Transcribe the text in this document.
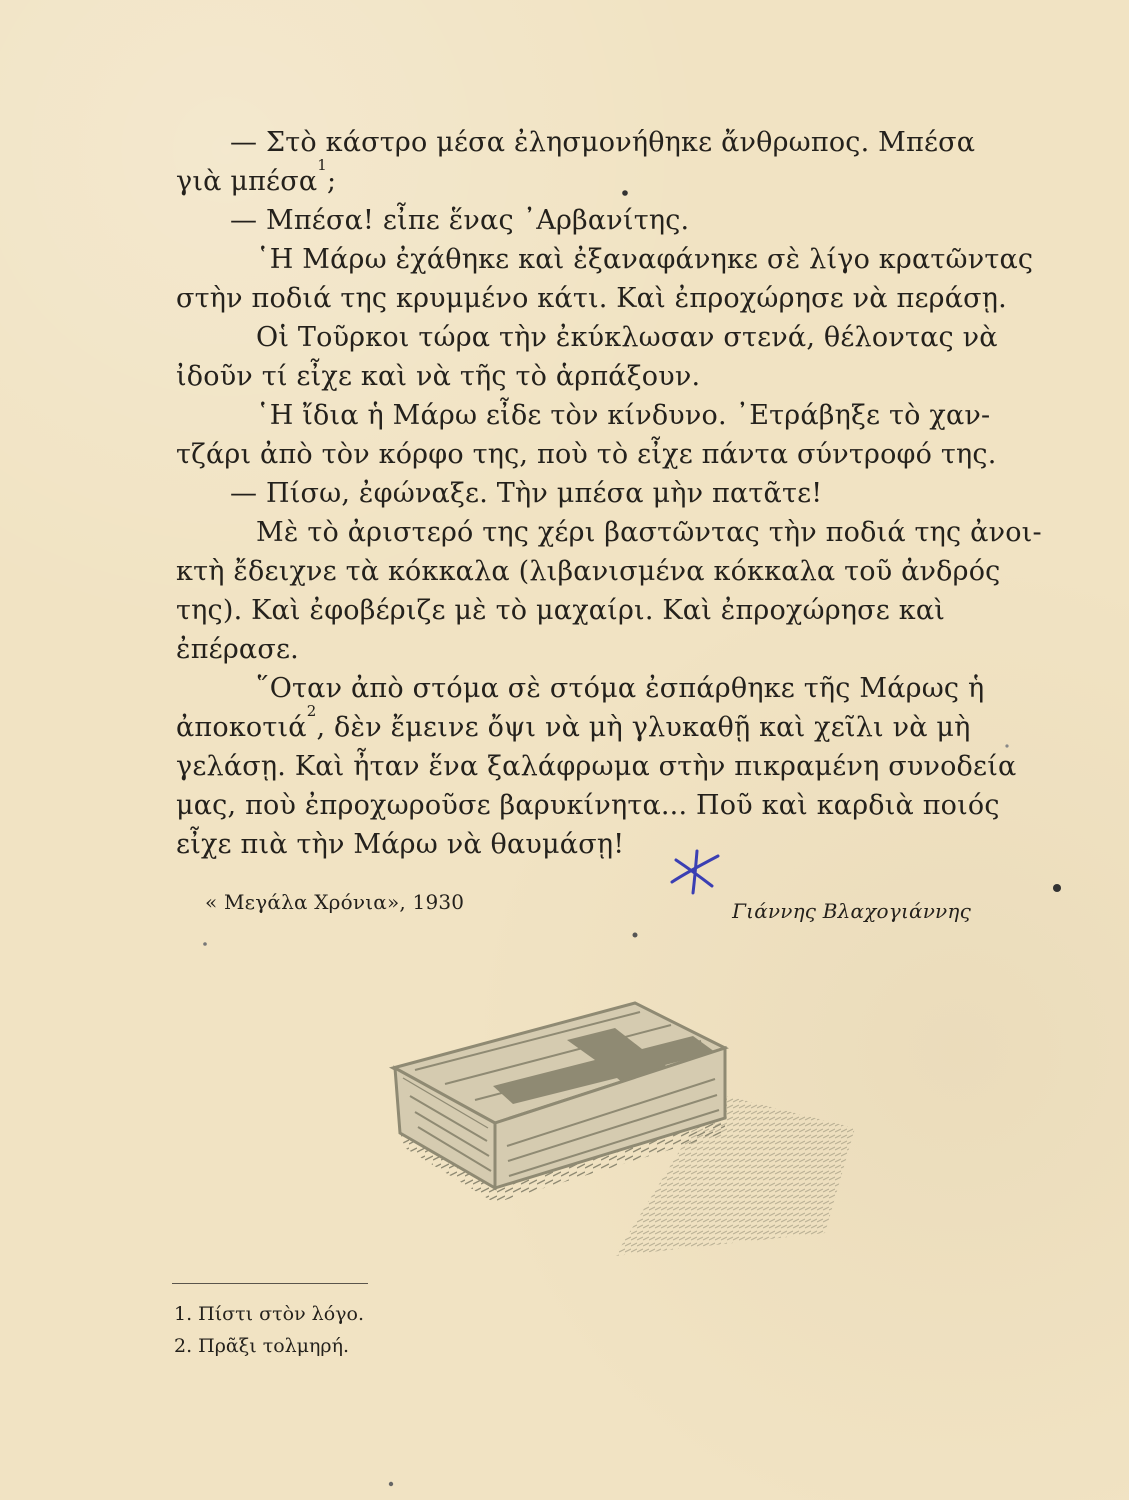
— Στὸ κάστρο μέσα ἐλησμονήθηκε ἄνθρωπος. Μπέσα
γιὰ μπέσα$^1$;
— Μπέσα! εἶπε ἕνας ᾿Αρβανίτης.
῾Η Μάρω ἐχάθηκε καὶ ἐξαναφάνηκε σὲ λίγο κρατῶντας
στὴν ποδιά της κρυμμένο κάτι. Καὶ ἐπροχώρησε νὰ περάσῃ.
Οἱ Τοῦρκοι τώρα τὴν ἐκύκλωσαν στενά, θέλοντας νὰ
ἰδοῦν τί εἶχε καὶ νὰ τῆς τὸ ἁρπάξουν.
῾Η ἴδια ἡ Μάρω εἶδε τὸν κίνδυνο. ᾿Ετράβηξε τὸ χαν-
τζάρι ἀπὸ τὸν κόρφο της, ποὺ τὸ εἶχε πάντα σύντροφό της.
— Πίσω, ἐφώναξε. Τὴν μπέσα μὴν πατᾶτε!
Μὲ τὸ ἀριστερό της χέρι βαστῶντας τὴν ποδιά της ἀνοι-
κτὴ ἔδειχνε τὰ κόκκαλα (λιβανισμένα κόκκαλα τοῦ ἀνδρός
της). Καὶ ἐφοβέριζε μὲ τὸ μαχαίρι. Καὶ ἐπροχώρησε καὶ
ἐπέρασε.
῞Οταν ἀπὸ στόμα σὲ στόμα ἐσπάρθηκε τῆς Μάρως ἡ
ἀποκοτιά$^2$, δὲν ἔμεινε ὄψι νὰ μὴ γλυκαθῇ καὶ χεῖλι νὰ μὴ
γελάσῃ. Καὶ ἦταν ἕνα ξαλάφρωμα στὴν πικραμένη συνοδεία
μας, ποὺ ἐπροχωροῦσε βαρυκίνητα... Ποῦ καὶ καρδιὰ ποιός
εἶχε πιὰ τὴν Μάρω νὰ θαυμάσῃ!
« Μεγάλα Χρόνια», 1930	Γιάννης Βλαχογιάννης
1. Πίστι στὸν λόγο.
2. Πρᾶξι τολμηρή.
